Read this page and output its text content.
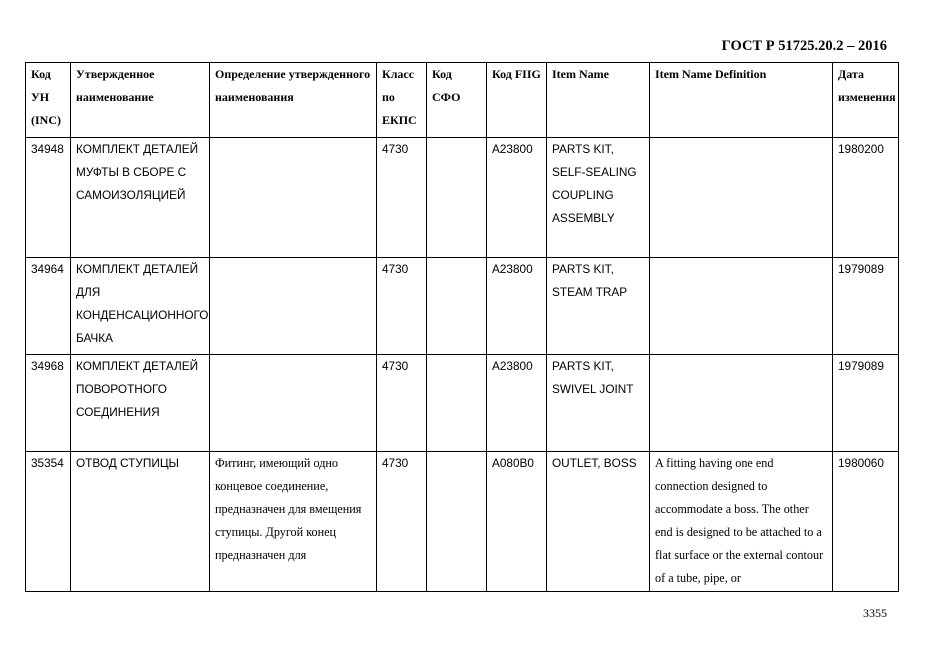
ГОСТ Р 51725.20.2 – 2016
Код УН (INC)	Утвержденное наименование	Определение утвержденного наименования	Класс по ЕКПС	Код СФО	Код FIIG	Item Name	Item Name Definition	Дата изменения
34948	КОМПЛЕКТ ДЕТАЛЕЙ МУФТЫ В СБОРЕ С САМОИЗОЛЯЦИЕЙ		4730		A23800	PARTS KIT, SELF-SEALING COUPLING ASSEMBLY		1980200
34964	КОМПЛЕКТ ДЕТАЛЕЙ ДЛЯ КОНДЕНСАЦИОННОГО БАЧКА		4730		A23800	PARTS KIT, STEAM TRAP		1979089
34968	КОМПЛЕКТ ДЕТАЛЕЙ ПОВОРОТНОГО СОЕДИНЕНИЯ		4730		A23800	PARTS KIT, SWIVEL JOINT		1979089
35354	ОТВОД СТУПИЦЫ	Фитинг, имеющий одно концевое соединение, предназначен для вмещения ступицы. Другой конец предназначен для	4730		A080B0	OUTLET, BOSS	A fitting having one end connection designed to accommodate a boss. The other end is designed to be attached to a flat surface or the external contour of a tube, pipe, or	1980060
3355
